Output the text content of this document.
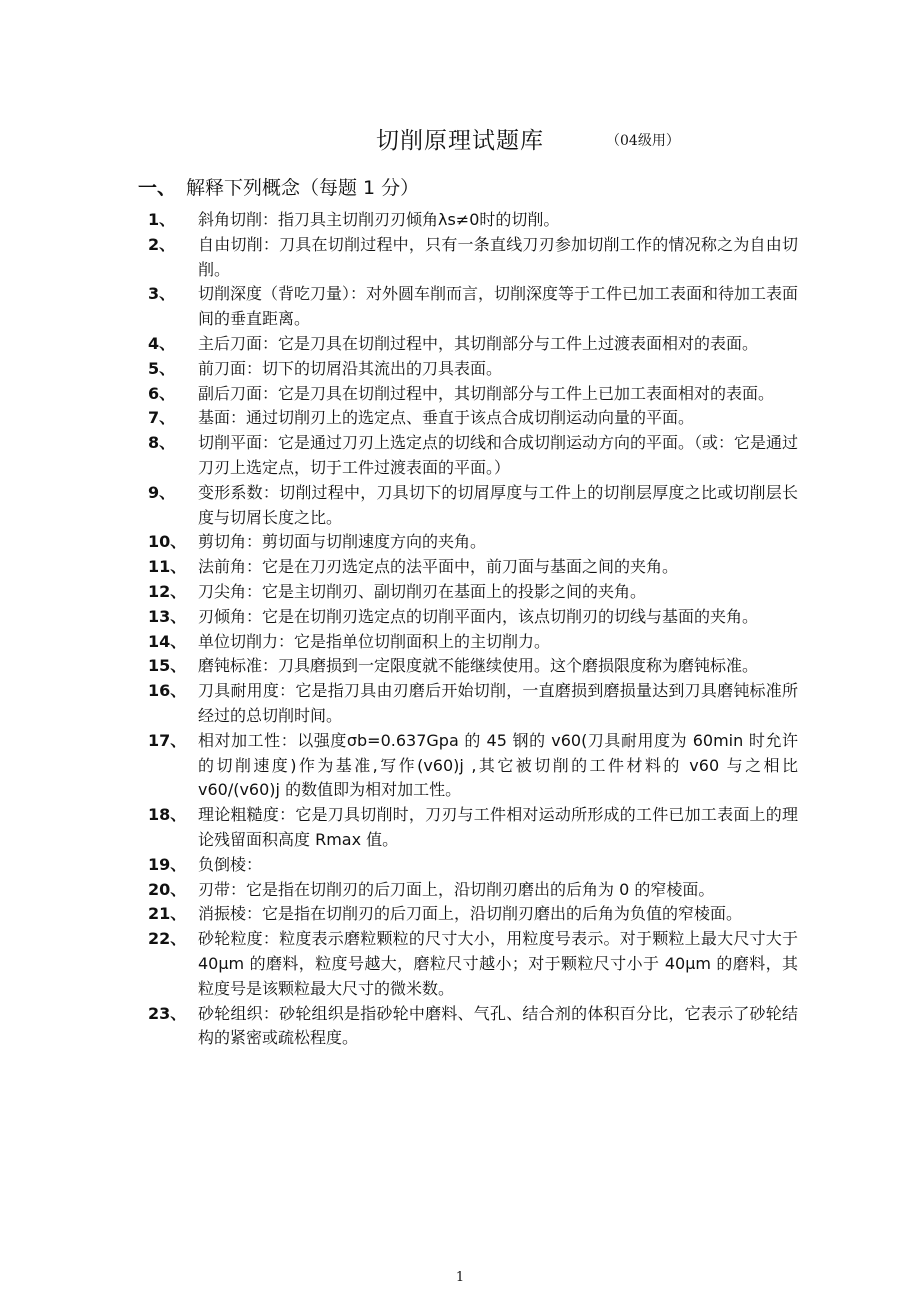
切削原理试题库	（04级用）
一、 解释下列概念（每题 1 分）
1、	斜角切削：指刀具主切削刃刃倾角λs≠0时的切削。
2、	自由切削：刀具在切削过程中，只有一条直线刀刃参加切削工作的情况称之为自由切削。
3、	切削深度（背吃刀量）：对外圆车削而言，切削深度等于工件已加工表面和待加工表面间的垂直距离。
4、	主后刀面：它是刀具在切削过程中，其切削部分与工件上过渡表面相对的表面。
5、	前刀面：切下的切屑沿其流出的刀具表面。
6、	副后刀面：它是刀具在切削过程中，其切削部分与工件上已加工表面相对的表面。
7、	基面：通过切削刃上的选定点、垂直于该点合成切削运动向量的平面。
8、	切削平面：它是通过刀刃上选定点的切线和合成切削运动方向的平面。（或：它是通过刀刃上选定点，切于工件过渡表面的平面。）
9、	变形系数：切削过程中，刀具切下的切屑厚度与工件上的切削层厚度之比或切削层长度与切屑长度之比。
10、 剪切角：剪切面与切削速度方向的夹角。
11、 法前角：它是在刀刃选定点的法平面中，前刀面与基面之间的夹角。
12、 刀尖角：它是主切削刃、副切削刃在基面上的投影之间的夹角。
13、 刃倾角：它是在切削刃选定点的切削平面内，该点切削刃的切线与基面的夹角。
14、 单位切削力：它是指单位切削面积上的主切削力。
15、 磨钝标准：刀具磨损到一定限度就不能继续使用。这个磨损限度称为磨钝标准。
16、 刀具耐用度：它是指刀具由刃磨后开始切削，一直磨损到磨损量达到刀具磨钝标准所经过的总切削时间。
17、 相对加工性：以强度σb=0.637Gpa 的 45 钢的 v60(刀具耐用度为 60min 时允许的切削速度)作为基准,写作(v60)j ,其它被切削的工件材料的 v60 与之相比 v60/(v60)j 的数值即为相对加工性。
18、 理论粗糙度：它是刀具切削时，刀刃与工件相对运动所形成的工件已加工表面上的理论残留面积高度 Rmax 值。
19、 负倒棱：
20、 刃带：它是指在切削刃的后刀面上，沿切削刃磨出的后角为 0 的窄棱面。
21、 消振棱：它是指在切削刃的后刀面上，沿切削刃磨出的后角为负值的窄棱面。
22、 砂轮粒度：粒度表示磨粒颗粒的尺寸大小，用粒度号表示。对于颗粒上最大尺寸大于 40μm 的磨料，粒度号越大，磨粒尺寸越小；对于颗粒尺寸小于 40μm 的磨料，其粒度号是该颗粒最大尺寸的微米数。
23、 砂轮组织：砂轮组织是指砂轮中磨料、气孔、结合剂的体积百分比，它表示了砂轮结构的紧密或疏松程度。
1
